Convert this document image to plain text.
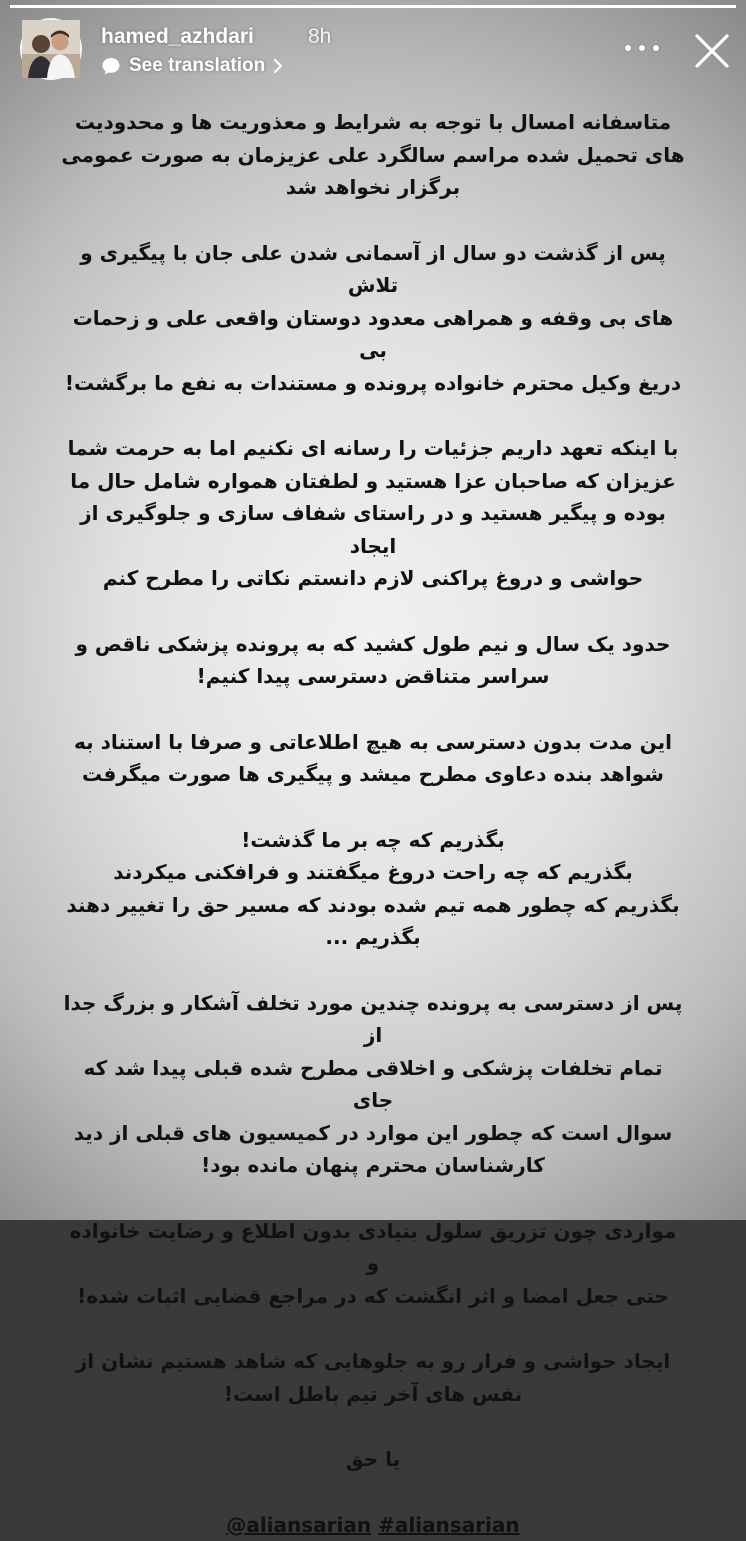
hamed_azhdari	8h
See translation

متاسفانه امسال با توجه به شرایط و معذوریت ها و محدودیت
های تحمیل شده مراسم سالگرد علی عزیزمان به صورت عمومی
برگزار نخواهد شد

پس از گذشت دو سال از آسمانی شدن علی جان با پیگیری و تلاش
های بی وقفه و همراهی معدود دوستان واقعی علی و زحمات بی
دریغ وکیل محترم خانواده پرونده و مستندات به نفع ما برگشت!

با اینکه تعهد داریم جزئیات را رسانه ای نکنیم اما به حرمت شما
عزیزان که صاحبان عزا هستید و لطفتان همواره شامل حال ما
بوده و پیگیر هستید و در راستای شفاف سازی و جلوگیری از ایجاد
حواشی و دروغ پراکنی لازم دانستم نکاتی را مطرح کنم

حدود یک سال و نیم طول کشید که به پرونده پزشکی ناقص و
سراسر متناقض دسترسی پیدا کنیم!

این مدت بدون دسترسی به هیچ اطلاعاتی و صرفا با استناد به
شواهد بنده دعاوی مطرح میشد و پیگیری ها صورت میگرفت

بگذریم که چه بر ما گذشت!
بگذریم که چه راحت دروغ میگفتند و فرافکنی میکردند
بگذریم که چطور همه تیم شده بودند که مسیر حق را تغییر دهند
بگذریم ...

پس از دسترسی به پرونده چندین مورد تخلف آشکار و بزرگ جدا از
تمام تخلفات پزشکی و اخلاقی مطرح شده قبلی پیدا شد که جای
سوال است که چطور این موارد در کمیسیون های قبلی از دید
کارشناسان محترم پنهان مانده بود!

مواردی چون تزریق سلول بنیادی بدون اطلاع و رضایت خانواده و
حتی جعل امضا و اثر انگشت که در مراجع قضایی اثبات شده!

ایجاد حواشی و فرار رو به جلوهایی که شاهد هستیم نشان از
نفس های آخر تیم باطل است!

یا حق

@aliansarian #aliansarian
